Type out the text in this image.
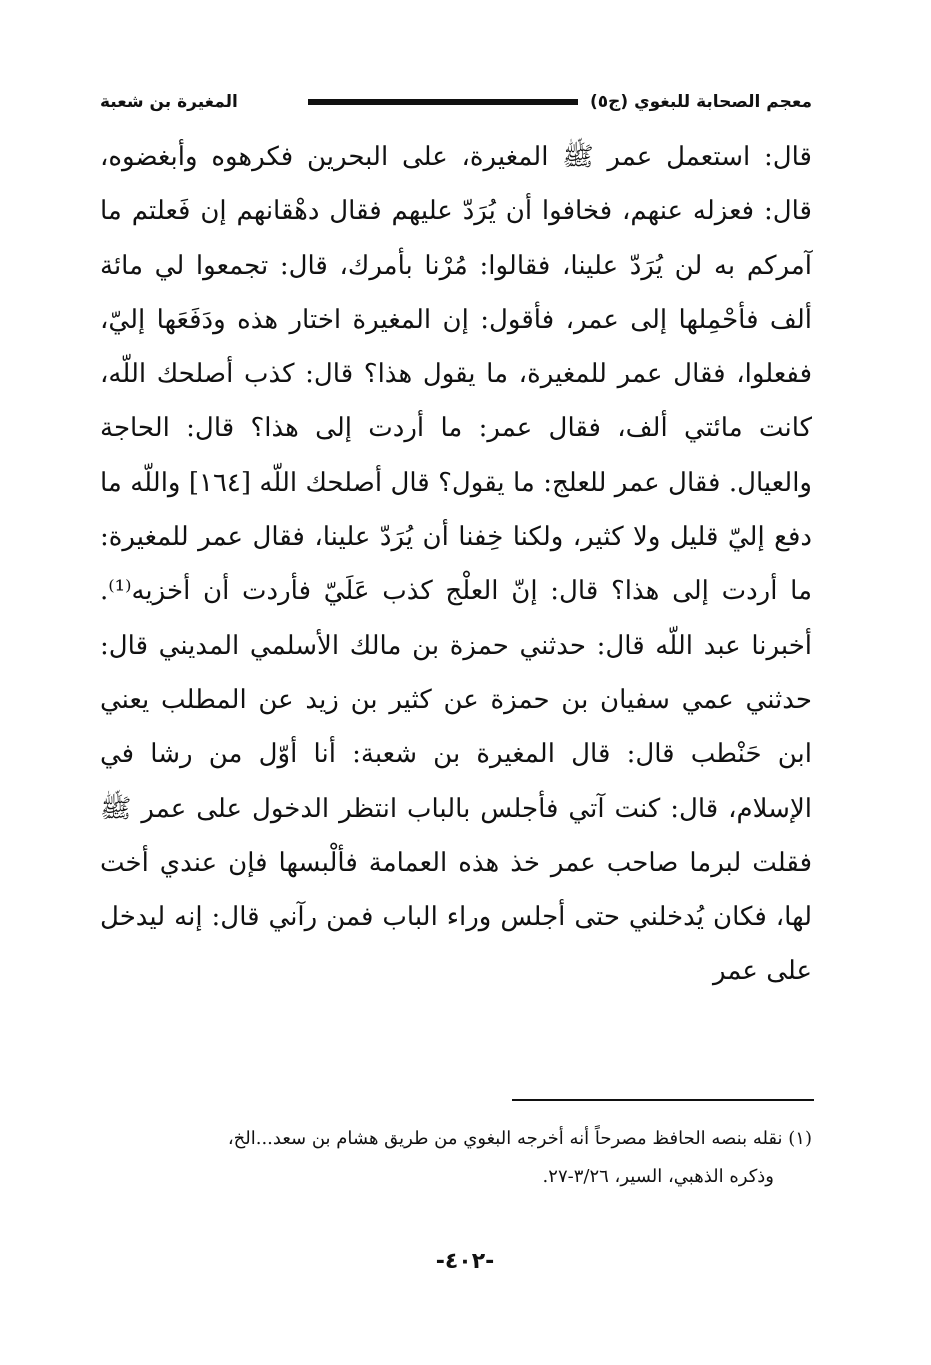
معجم الصحابة للبغوي (ج٥)
المغيرة بن شعبة

قال: استعمل عمر ﷺ المغيرة، على البحرين فكرهوه وأبغضوه، قال: فعزله عنهم، فخافوا أن يُرَدّ عليهم فقال دهْقانهم إن فَعلتم ما آمركم به لن يُرَدّ علينا، فقالوا: مُرْنا بأمرك، قال: تجمعوا لي مائة ألف فأحْمِلها إلى عمر، فأقول: إن المغيرة اختار هذه ودَفَعَها إليّ، ففعلوا، فقال عمر للمغيرة، ما يقول هذا؟ قال: كذب أصلحك اللّه، كانت مائتي ألف، فقال عمر: ما أردت إلى هذا؟ قال: الحاجة والعيال. فقال عمر للعلج: ما يقول؟ قال أصلحك اللّه [١٦٤] واللّه ما دفع إليّ قليل ولا كثير، ولكنا خِفنا أن يُرَدّ علينا، فقال عمر للمغيرة: ما أردت إلى هذا؟ قال: إنّ العلْج كذب عَلَيّ فأردت أن أخزيه⁽¹⁾.

أخبرنا عبد اللّه قال: حدثني حمزة بن مالك الأسلمي المديني قال: حدثني عمي سفيان بن حمزة عن كثير بن زيد عن المطلب يعني ابن حَنْطب قال: قال المغيرة بن شعبة: أنا أوّل من رشا في الإسلام، قال: كنت آتي فأجلس بالباب انتظر الدخول على عمر ﷺ فقلت لبرما صاحب عمر خذ هذه العمامة فألْبسها فإن عندي أخت لها، فكان يُدخلني حتى أجلس وراء الباب فمن رآني قال: إنه ليدخل على عمر

(١) نقله بنصه الحافظ مصرحاً أنه أخرجه البغوي من طريق هشام بن سعد...الخ،
وذكره الذهبي، السير، ٣/٢٦-٢٧.
-٤٠٢-
